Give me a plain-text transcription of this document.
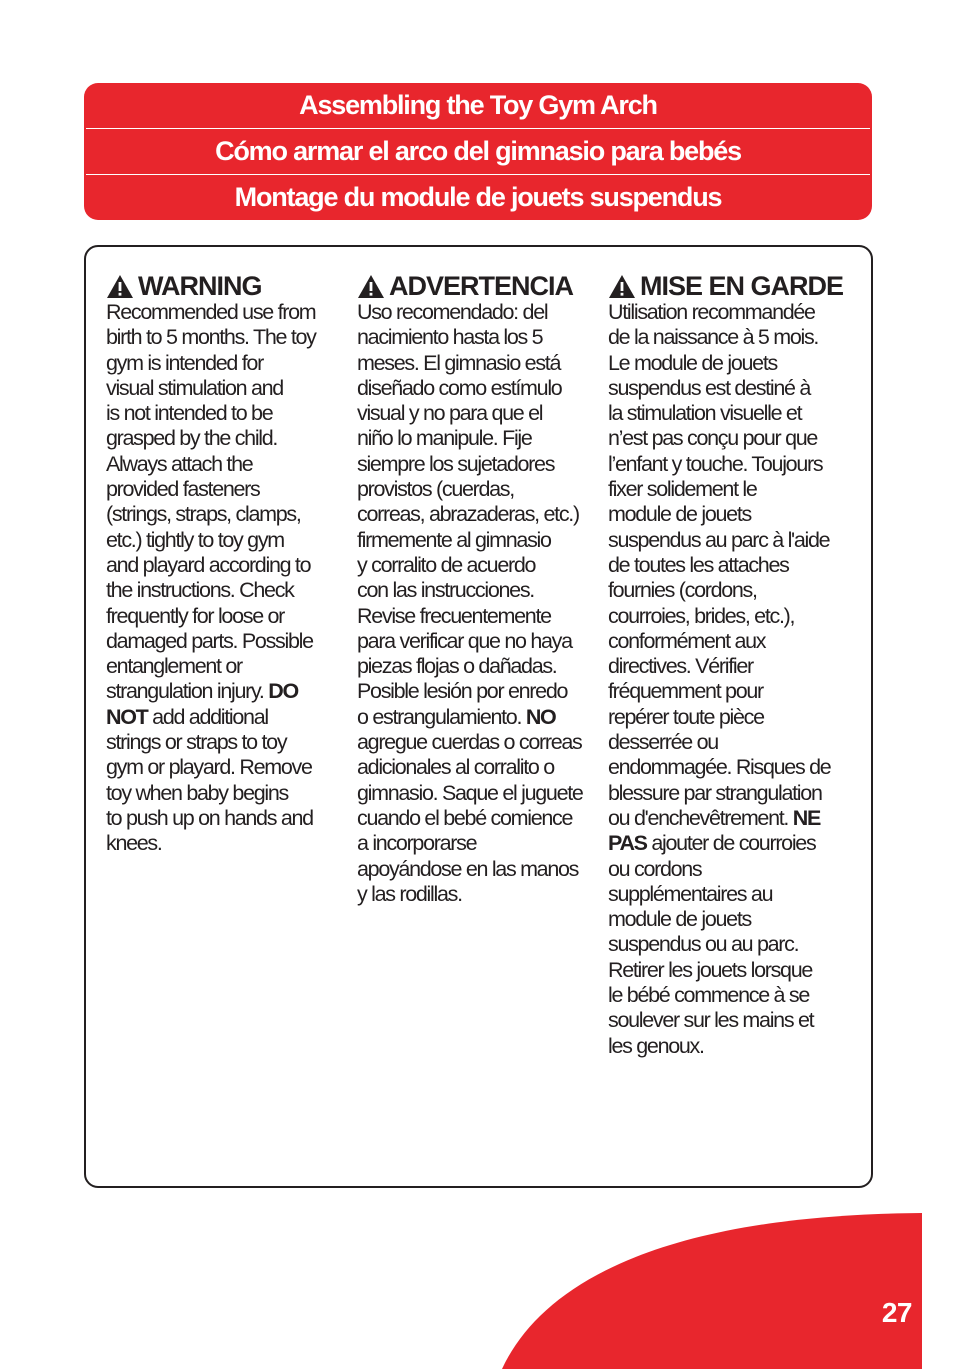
Assembling the Toy Gym Arch
Cómo armar el arco del gimnasio para bebés
Montage du module de jouets suspendus
WARNING

Recommended use from
birth to 5 months. The toy
gym is intended for
visual stimulation and
is not intended to be
grasped by the child.
Always attach the
provided fasteners
(strings, straps, clamps,
etc.) tightly to toy gym
and playard according to
the instructions. Check
frequently for loose or
damaged parts. Possible
entanglement or
strangulation injury. DO
NOT add additional
strings or straps to toy
gym or playard. Remove
toy when baby begins
to push up on hands and
knees.

ADVERTENCIA

Uso recomendado: del
nacimiento hasta los 5
meses. El gimnasio está
diseñado como estímulo
visual y no para que el
niño lo manipule. Fije
siempre los sujetadores
provistos (cuerdas,
correas, abrazaderas, etc.)
firmemente al gimnasio
y corralito de acuerdo
con las instrucciones.
Revise frecuentemente
para verificar que no haya
piezas flojas o dañadas.
Posible lesión por enredo
o estrangulamiento. NO
agregue cuerdas o correas
adicionales al corralito o
gimnasio. Saque el juguete
cuando el bebé comience
a incorporarse
apoyándose en las manos
y las rodillas.

MISE EN GARDE

Utilisation recommandée
de la naissance à 5 mois.
Le module de jouets
suspendus est destiné à
la stimulation visuelle et
n’est pas conçu pour que
l’enfant y touche. Toujours
fixer solidement le
module de jouets
suspendus au parc à l'aide
de toutes les attaches
fournies (cordons,
courroies, brides, etc.),
conformément aux
directives. Vérifier
fréquemment pour
repérer toute pièce
desserrée ou
endommagée. Risques de
blessure par strangulation
ou d'enchevêtrement. NE
PAS ajouter de courroies
ou cordons
supplémentaires au
module de jouets
suspendus ou au parc.
Retirer les jouets lorsque
le bébé commence à se
soulever sur les mains et
les genoux.

27
